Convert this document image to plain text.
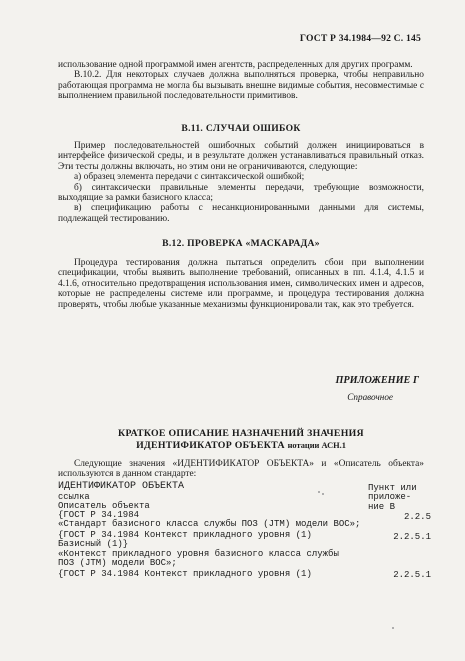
ГОСТ Р 34.1984—92 С. 145

использование одной программой имен агентств, распределенных для других программ.

В.10.2. Для некоторых случаев должна выполняться проверка, чтобы неправильно работающая программа не могла бы вызывать внешне видимые события, несовместимые с выполнением правильной последовательности примитивов.

В.11. СЛУЧАИ ОШИБОК

Пример последовательностей ошибочных событий должен инициироваться в интерфейсе физической среды, и в результате должен устанавливаться правильный отказ. Эти тесты должны включать, но этим они не ограничиваются, следующие:

а) образец элемента передачи с синтаксической ошибкой;

б) синтаксически правильные элементы передачи, требующие возможности, выходящие за рамки базисного класса;

в) спецификацию работы с несанкционированными данными для системы, подлежащей тестированию.

В.12. ПРОВЕРКА «МАСКАРАДА»

Процедура тестирования должна пытаться определить сбои при выполнении спецификации, чтобы выявить выполнение требований, описанных в пп. 4.1.4, 4.1.5 и 4.1.6, относительно предотвращения использования имен, символических имен и адресов, которые не распределены системе или программе, и процедура тестирования должна проверять, чтобы любые указанные механизмы функционировали так, как это требуется.

ПРИЛОЖЕНИЕ Г
Справочное
КРАТКОЕ ОПИСАНИЕ НАЗНАЧЕНИЙ ЗНАЧЕНИЯ
ИДЕНТИФИКАТОР ОБЪЕКТА нотации АСН.1

Следующие значения «ИДЕНТИФИКАТОР ОБЪЕКТА» и «Описатель объекта» используются в данном стандарте:

ИДЕНТИФИКАТОР ОБЪЕКТА
ссылка
Пункт или
приложе-
ние В
Описатель объекта
{ГОСТ Р 34.1984
«Стандарт базисного класса службы ПОЗ (JTM) модели ВОС»;
{ГОСТ Р 34.1984 Контекст прикладного уровня (1)
Базисный (1)}
«Контекст прикладного уровня базисного класса службы
ПОЗ (JTM) модели ВОС»;
{ГОСТ Р 34.1984 Контекст прикладного уровня (1)
2.2.5
2.2.5.1
2.2.5.1
